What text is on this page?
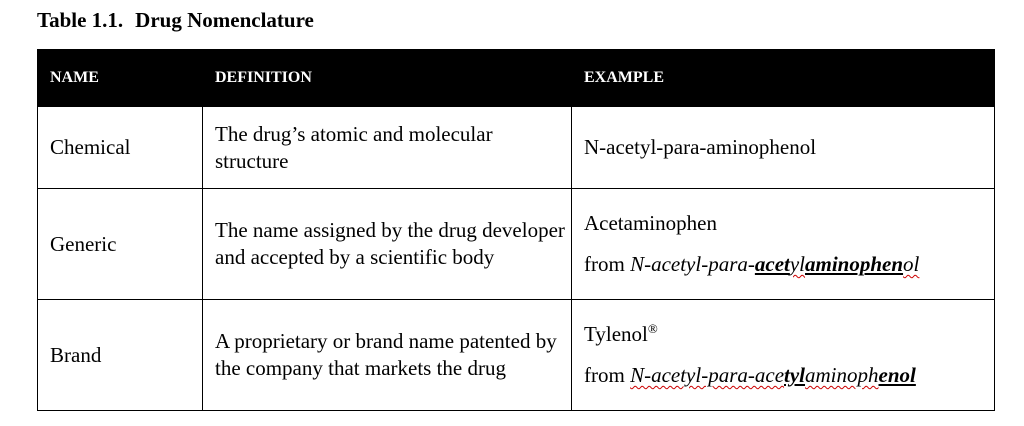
Table 1.1. Drug Nomenclature
NAME	DEFINITION	EXAMPLE
Chemical	The drug’s atomic and molecular structure	N-acetyl-para-aminophenol
Generic	The name assigned by the drug developer and accepted by a scientific body	Acetaminophen
from N-acetyl-para-acetylaminophenol

Brand	A proprietary or brand name patented by the company that markets the drug	Tylenol®
from N-acetyl-para-acetylaminophenol
